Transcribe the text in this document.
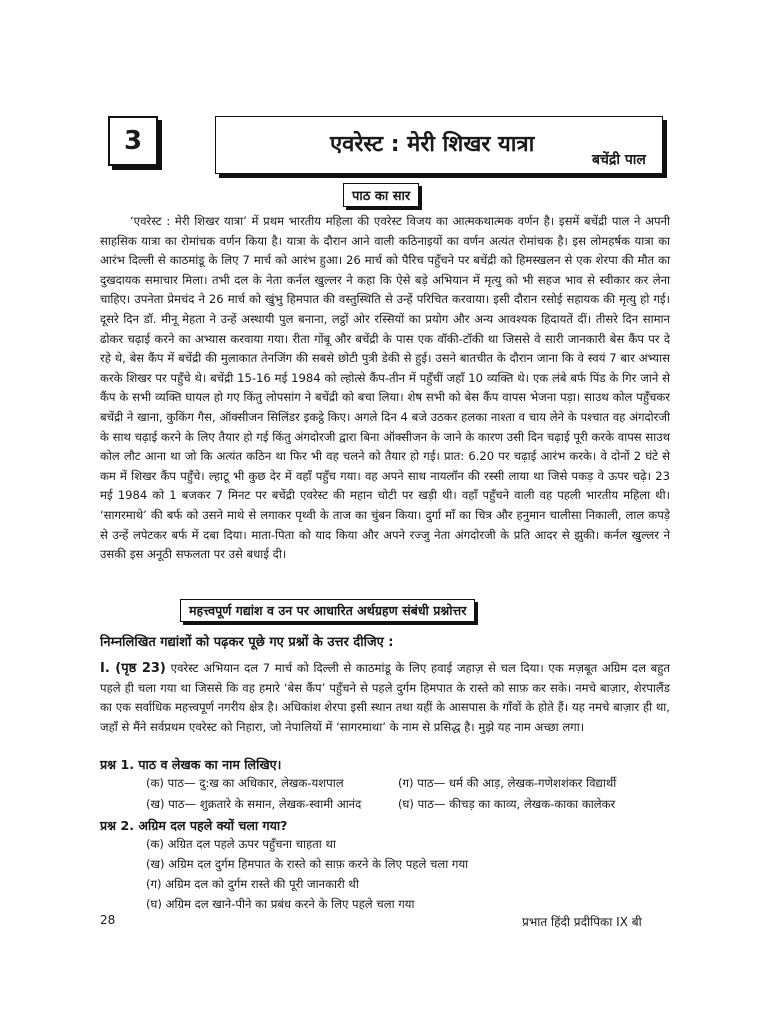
3	एवरेस्ट : मेरी शिखर यात्रा
बचेंद्री पाल
पाठ का सार

‘एवरेस्ट : मेरी शिखर यात्रा’ में प्रथम भारतीय महिला की एवरेस्ट विजय का आत्मकथात्मक वर्णन है। इसमें बचेंद्री पाल ने अपनी साहसिक यात्रा का रोमांचक वर्णन किया है। यात्रा के दौरान आने वाली कठिनाइयों का वर्णन अत्यंत रोमांचक है। इस लोमहर्षक यात्रा का आरंभ दिल्ली से काठमांडू के लिए 7 मार्च को आरंभ हुआ। 26 मार्च को पैरिच पहुँचने पर बचेंद्री को हिमस्खलन से एक शेरपा की मौत का दुखदायक समाचार मिला। तभी दल के नेता कर्नल खुल्लर ने कहा कि ऐसे बड़े अभियान में मृत्यु को भी सहज भाव से स्वीकार कर लेना चाहिए। उपनेता प्रेमचंद ने 26 मार्च को खुंभु हिमपात की वस्तुस्थिति से उन्हें परिचित करवाया। इसी दौरान रसोई सहायक की मृत्यु हो गई। दूसरे दिन डॉ. मीनू मेहता ने उन्हें अस्थायी पुल बनाना, लट्ठों ओर रस्सियों का प्रयोग और अन्य आवश्यक हिदायतें दीं। तीसरे दिन सामान ढोकर चढ़ाई करने का अभ्यास करवाया गया। रीता गोंबू और बचेंद्री के पास एक वॉकी-टॉकी था जिससे वे सारी जानकारी बेस कैंप पर दे रहे थे, बेस कैंप में बचेंद्री की मुलाकात तेनजिंग की सबसे छोटी पुत्री डेकी से हुई। उसने बातचीत के दौरान जाना कि वे स्वयं 7 बार अभ्यास करके शिखर पर पहुँचे थे। बचेंद्री 15-16 मई 1984 को ल्होत्से कैंप-तीन में पहुँचीं जहाँ 10 व्यक्ति थे। एक लंबे बर्फ पिंड के गिर जाने से कैंप के सभी व्यक्ति घायल हो गए किंतु लोपसांग ने बचेंद्री को बचा लिया। शेष सभी को बेस कैंप वापस भेजना पड़ा। साउथ कोल पहुँचकर बचेंद्री ने खाना, कुकिंग गैस, ऑक्सीजन सिलिंडर इकट्ठे किए। अगले दिन 4 बजे उठकर हलका नाश्ता व चाय लेने के पश्चात वह अंगदोरजी के साथ चढ़ाई करने के लिए तैयार हो गई किंतु अंगदोरजी द्वारा बिना ऑक्सीजन के जाने के कारण उसी दिन चढ़ाई पूरी करके वापस साउथ कोल लौट आना था जो कि अत्यंत कठिन था फिर भी वह चलने को तैयार हो गई। प्रात: 6.20 पर चढ़ाई आरंभ करके। वे दोनों 2 घंटे से कम में शिखर कैंप पहुँचे। ल्हाटू भी कुछ देर में वहाँ पहुँच गया। वह अपने साथ नायलॉन की रस्सी लाया था जिसे पकड़ वे ऊपर चढ़े। 23 मई 1984 को 1 बजकर 7 मिनट पर बचेंद्री एवरेस्ट की महान चोटी पर खड़ी थी। वहाँ पहुँचने वाली वह पहली भारतीय महिला थी। ‘सागरमाथे’ की बर्फ को उसने माथे से लगाकर पृथ्वी के ताज का चुंबन किया। दुर्गा माँ का चित्र और हनुमान चालीसा निकाली, लाल कपड़े से उन्हें लपेटकर बर्फ में दबा दिया। माता-पिता को याद किया और अपने रज्जु नेता अंगदोरजी के प्रति आदर से झुकी। कर्नल खुल्लर ने उसकी इस अनूठी सफलता पर उसे बधाई दी।

महत्त्वपूर्ण गद्यांश व उन पर आधारित अर्थग्रहण संबंधी प्रश्नोत्तर
निम्नलिखित गद्यांशों को पढ़कर पूछे गए प्रश्नों के उत्तर दीजिए :

I. (पृष्ठ 23) एवरेस्ट अभियान दल 7 मार्च को दिल्ली से काठमांडू के लिए हवाई जहाज़ से चल दिया। एक मज़बूत अग्रिम दल बहुत पहले ही चला गया था जिससे कि वह हमारे ‘बेस कैंप’ पहुँचने से पहले दुर्गम हिमपात के रास्ते को साफ़ कर सके। नमचे बाज़ार, शेरपालैंड का एक सर्वाधिक महत्त्वपूर्ण नगरीय क्षेत्र है। अधिकांश शेरपा इसी स्थान तथा यहीं के आसपास के गाँवों के होते हैं। यह नमचे बाज़ार ही था, जहाँ से मैंने सर्वप्रथम एवरेस्ट को निहारा, जो नेपालियों में ‘सागरमाथा’ के नाम से प्रसिद्ध है। मुझे यह नाम अच्छा लगा।

प्रश्न 1. पाठ व लेखक का नाम लिखिए।
(क) पाठ— दु:ख का अधिकार, लेखक-यशपाल	(ग) पाठ— धर्म की आड़, लेखक-गणेशशंकर विद्यार्थी
(ख) पाठ— शुक्रतारे के समान, लेखक-स्वामी आनंद	(घ) पाठ— कीचड़ का काव्य, लेखक-काका कालेकर
प्रश्न 2. अग्रिम दल पहले क्यों चला गया?
(क) अग्रित दल पहले ऊपर पहुँचना चाहता था
(ख) अग्रिम दल दुर्गम हिमपात के रास्ते को साफ़ करने के लिए पहले चला गया
(ग) अग्रिम दल को दुर्गम रास्ते की पूरी जानकारी थी
(घ) अग्रिम दल खाने-पीने का प्रबंध करने के लिए पहले चला गया
28	प्रभात हिंदी प्रदीपिका IX बी
